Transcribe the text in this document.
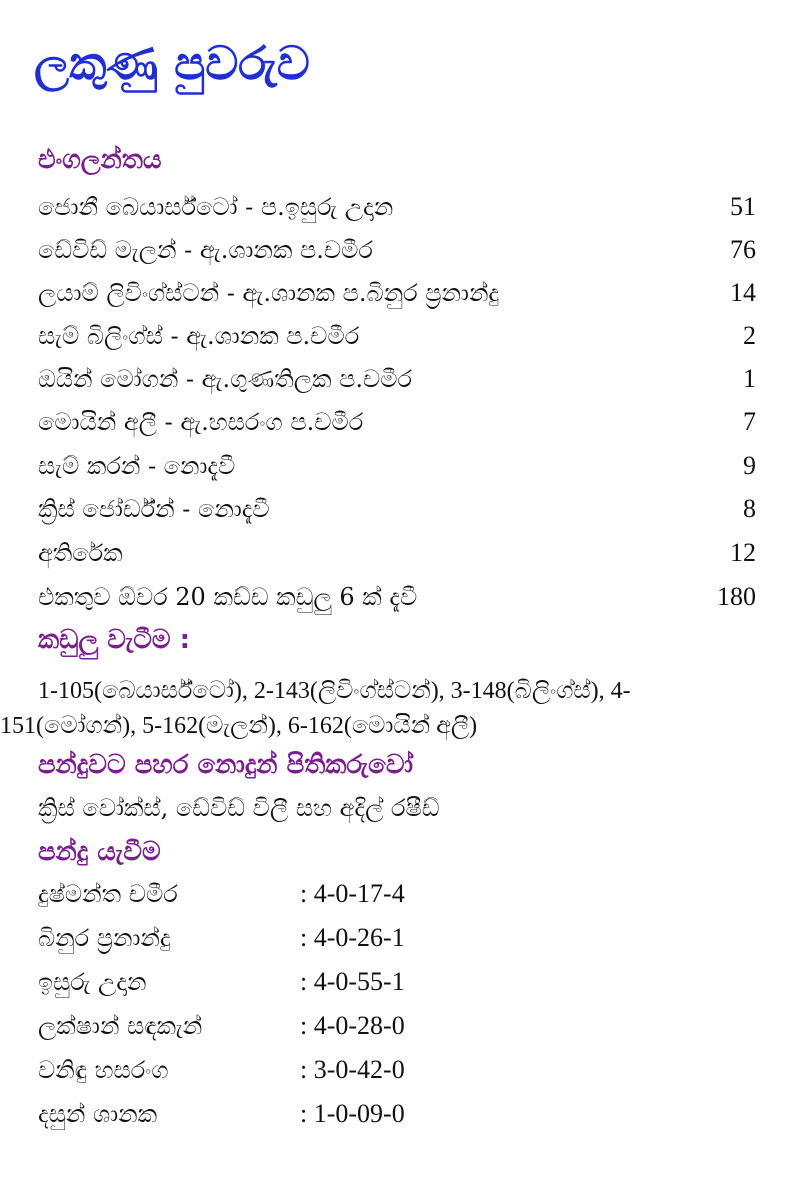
ලකුණු පුවරුව
එංගලන්තය
ජොනී බෙයාර්ස්ටෝ - ප.ඉසුරු උදාන	51
ඩේවිඩ් මැලන් - ඇ.ශානක ප.චමීර	76
ලයාම් ලිවිංග්ස්ටන් - ඇ.ශානක ප.බිනුර ප්‍රනාන්දු	14
සැම් බිලිංග්ස් - ඇ.ශානක ප.චමීර	2
ඔයින් මෝගන් - ඇ.ගුණතිලක ප.චමීර	1
මොයින් අලී - ඇ.හසරංග ප.චමීර	7
සැම් කරන් - නොදැවී	9
ක්‍රිස් ජෝර්ඩ්න් - නොදැවී	8
අතිරේක	12
එකතුව ඕවර 20 කඩ්ඩ කඩුලු 6 ක් දැවී	180
කඩුලු වැටීම :

1-105(බෙයාර්ස්ටෝ), 2-143(ලිවිංග්ස්ටන්), 3-148(බිලිංග්ස්), 4-151(මෝගන්), 5-162(මැලන්), 6-162(මොයින් අලී)

පන්දුවට පහර නොදුන් පිතිකරුවෝ
ක්‍රිස් වෝක්ස්, ඩේවිඩ් විලී සහ අදිල් රෂීඩ්
පන්දු යැවීම
දුෂ්මන්ත චමීර	: 4-0-17-4
බිනුර ප්‍රනාන්දු	: 4-0-26-1
ඉසුරු උදාන	: 4-0-55-1
ලක්ෂාන් සඳකැන්	: 4-0-28-0
වනිඳු හසරංග	: 3-0-42-0
දසුන් ශානක	: 1-0-09-0
